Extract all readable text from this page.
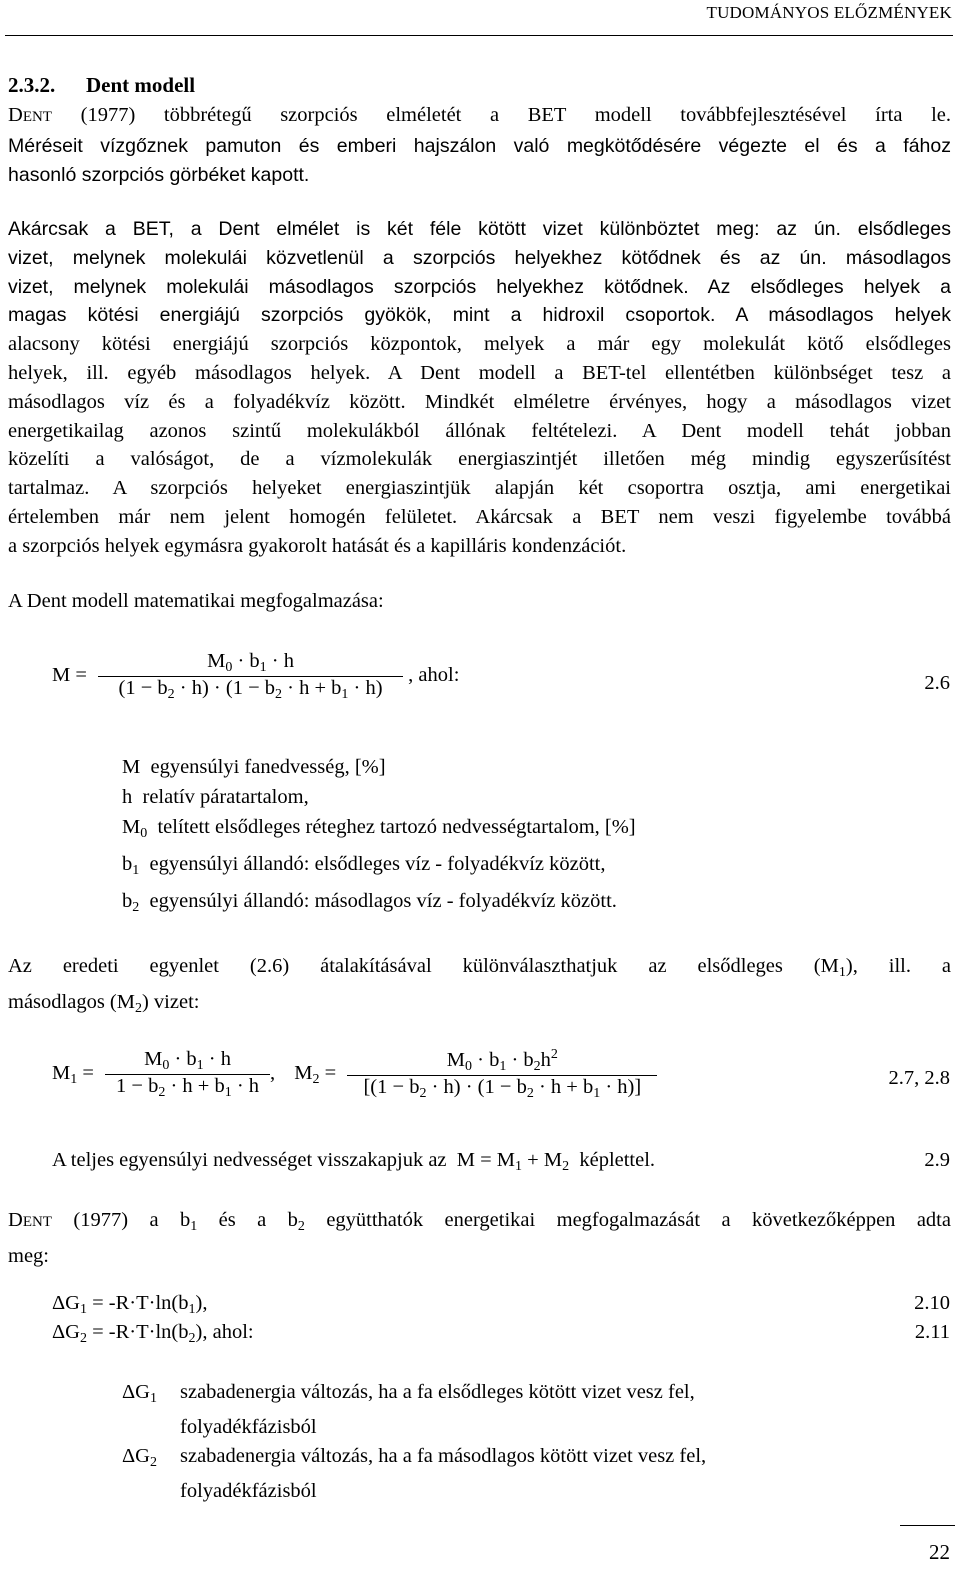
TUDOMÁNYOS ELŐZMÉNYEK
2.3.2. Dent modell
DENT (1977) többrétegű szorpciós elméletét a BET modell továbbfejlesztésével írta le.
Méréseit vízgőznek pamuton és emberi hajszálon való megkötődésére végezte el és a fához
hasonló szorpciós görbéket kapott.
Akárcsak a BET, a Dent elmélet is két féle kötött vizet különböztet meg: az ún. elsődleges
vizet, melynek molekulái közvetlenül a szorpciós helyekhez kötődnek és az ún. másodlagos
vizet, melynek molekulái másodlagos szorpciós helyekhez kötődnek. Az elsődleges helyek a
magas kötési energiájú szorpciós gyökök, mint a hidroxil csoportok. A másodlagos helyek
alacsony kötési energiájú szorpciós központok, melyek a már egy molekulát kötő elsődleges
helyek, ill. egyéb másodlagos helyek. A Dent modell a BET-tel ellentétben különbséget tesz a
másodlagos víz és a folyadékvíz között. Mindkét elméletre érvényes, hogy a másodlagos vizet
energetikailag azonos szintű molekulákból állónak feltételezi. A Dent modell tehát jobban
közelíti a valóságot, de a vízmolekulák energiaszintjét illetően még mindig egyszerűsítést
tartalmaz. A szorpciós helyeket energiaszintjük alapján két csoportra osztja, ami energetikai
értelemben már nem jelent homogén felületet. Akárcsak a BET nem veszi figyelembe továbbá
a szorpciós helyek egymásra gyakorolt hatását és a kapilláris kondenzációt.
A Dent modell matematikai megfogalmazása:
$M = \frac{M_0 \cdot b_1 \cdot h}{(1 - b_2 \cdot h) \cdot (1 - b_2 \cdot h + b_1 \cdot h)}$ , ahol:	2.6
M egyensúlyi fanedvesség, [%]
h relatív páratartalom,
$M_0$ telített elsődleges réteghez tartozó nedvességtartalom, [%]
$b_1$ egyensúlyi állandó: elsődleges víz - folyadékvíz között,
$b_2$ egyensúlyi állandó: másodlagos víz - folyadékvíz között.
Az eredeti egyenlet (2.6) átalakításával különválaszthatjuk az elsődleges $(M_1)$, ill. a
másodlagos $(M_2)$ vizet:
$M_1 = \frac{M_0 \cdot b_1 \cdot h}{1 - b_2 \cdot h + b_1 \cdot h}$ , $M_2 = \frac{M_0 \cdot b_1 \cdot b_2h^2}{[(1 - b_2 \cdot h) \cdot (1 - b_2 \cdot h + b_1 \cdot h)]}$	2.7, 2.8
A teljes egyensúlyi nedvességet visszakapjuk az  $M = M_1 + M_2$ képlettel.	2.9
DENT (1977) a $b_1$ és a $b_2$ együtthatók energetikai megfogalmazását a következőképpen adta
meg:
$\Delta G_1 = -R\cdot T\cdot\ln(b_1)$,	2.10
$\Delta G_2 = -R\cdot T\cdot\ln(b_2)$, ahol:	2.11
$\Delta G_1$ szabadenergia változás, ha a fa elsődleges kötött vizet vesz fel,
folyadékfázisból
$\Delta G_2$ szabadenergia változás, ha a fa másodlagos kötött vizet vesz fel,
folyadékfázisból
22
